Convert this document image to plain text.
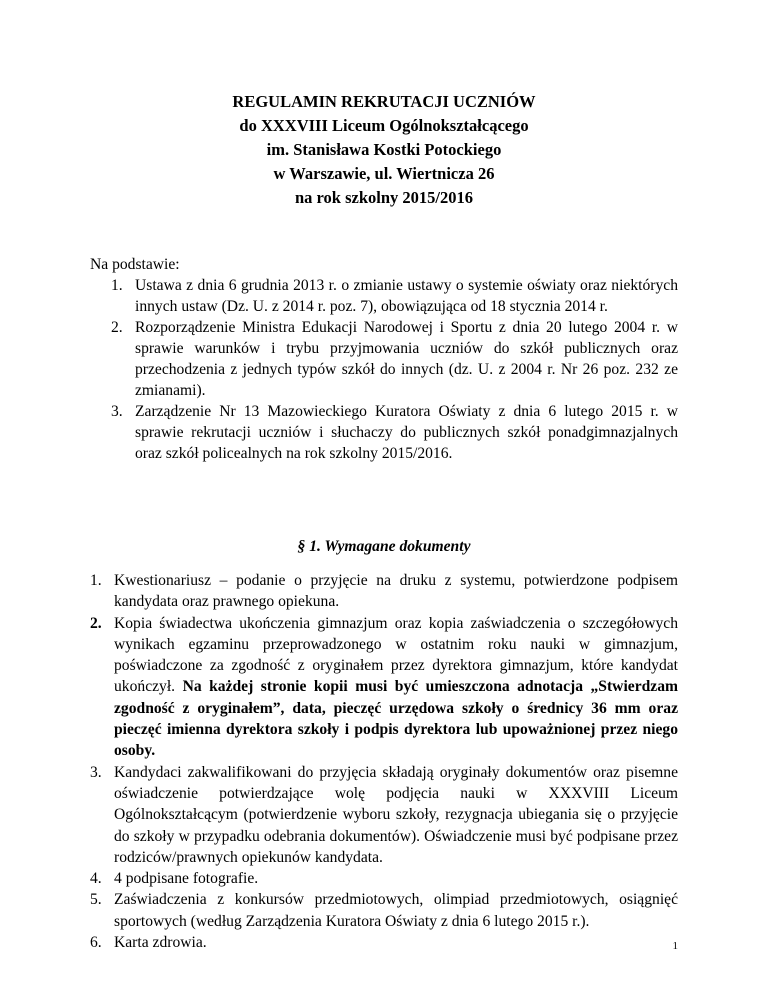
REGULAMIN REKRUTACJI UCZNIÓW
do XXXVIII Liceum Ogólnokształcącego
im. Stanisława Kostki Potockiego
w Warszawie, ul. Wiertnicza 26
na rok szkolny 2015/2016
Na podstawie:
1. Ustawa z dnia 6 grudnia 2013 r. o zmianie ustawy o systemie oświaty oraz niektórych innych ustaw (Dz. U. z 2014 r. poz. 7), obowiązująca od 18 stycznia 2014 r.
2. Rozporządzenie Ministra Edukacji Narodowej i Sportu z dnia 20 lutego 2004 r. w sprawie warunków i trybu przyjmowania uczniów do szkół publicznych oraz przechodzenia z jednych typów szkół do innych (dz. U. z 2004 r. Nr 26 poz. 232 ze zmianami).
3. Zarządzenie Nr 13 Mazowieckiego Kuratora Oświaty z dnia 6 lutego 2015 r. w sprawie rekrutacji uczniów i słuchaczy do publicznych szkół ponadgimnazjalnych oraz szkół policealnych na rok szkolny 2015/2016.
§ 1. Wymagane dokumenty
1. Kwestionariusz – podanie o przyjęcie na druku z systemu, potwierdzone podpisem kandydata oraz prawnego opiekuna.
2. Kopia świadectwa ukończenia gimnazjum oraz kopia zaświadczenia o szczegółowych wynikach egzaminu przeprowadzonego w ostatnim roku nauki w gimnazjum, poświadczone za zgodność z oryginałem przez dyrektora gimnazjum, które kandydat ukończył. Na każdej stronie kopii musi być umieszczona adnotacja „Stwierdzam zgodność z oryginałem”, data, pieczęć urzędowa szkoły o średnicy 36 mm oraz pieczęć imienna dyrektora szkoły i podpis dyrektora lub upoważnionej przez niego osoby.
3. Kandydaci zakwalifikowani do przyjęcia składają oryginały dokumentów oraz pisemne oświadczenie potwierdzające wolę podjęcia nauki w XXXVIII Liceum
Ogólnokształcącym (potwierdzenie wyboru szkoły, rezygnacja ubiegania się o przyjęcie do szkoły w przypadku odebrania dokumentów). Oświadczenie musi być podpisane przez rodziców/prawnych opiekunów kandydata.
4. 4 podpisane fotografie.
5. Zaświadczenia z konkursów przedmiotowych, olimpiad przedmiotowych, osiągnięć sportowych (według Zarządzenia Kuratora Oświaty z dnia 6 lutego 2015 r.).
6. Karta zdrowia.	1
